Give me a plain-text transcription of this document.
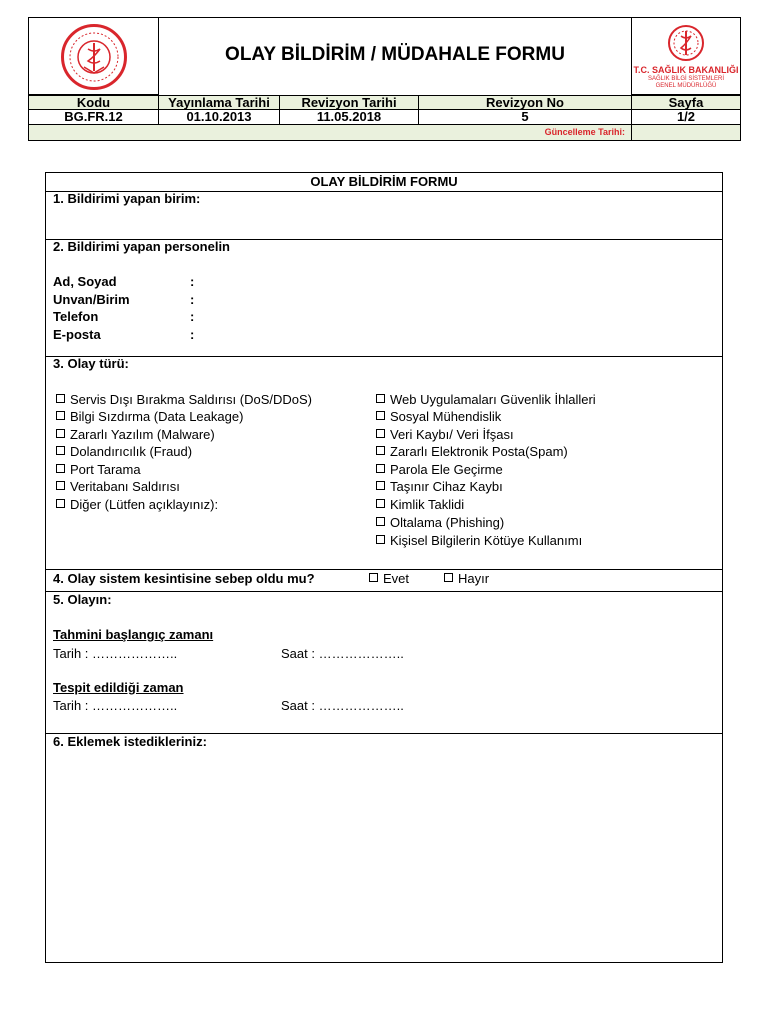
OLAY BİLDİRİM / MÜDAHALE FORMU
T.C. SAĞLIK BAKANLIĞI
SAĞLIK BİLGİ SİSTEMLERİ
GENEL MÜDÜRLÜĞÜ
Kodu	Yayınlama Tarihi	Revizyon Tarihi	Revizyon No	Sayfa
BG.FR.12	01.10.2013	11.05.2018	5	1/2
Güncelleme Tarihi:
OLAY BİLDİRİM FORMU
1. Bildirimi yapan birim:
2. Bildirimi yapan personelin
Ad, Soyad	:
Unvan/Birim	:
Telefon	:
E-posta	:
3. Olay türü:
Servis Dışı Bırakma Saldırısı (DoS/DDoS)
Bilgi Sızdırma (Data Leakage)
Zararlı Yazılım (Malware)
Dolandırıcılık (Fraud)
Port Tarama
Veritabanı Saldırısı
Diğer (Lütfen açıklayınız):
Web Uygulamaları Güvenlik İhlalleri
Sosyal Mühendislik
Veri Kaybı/ Veri İfşası
Zararlı Elektronik Posta(Spam)
Parola Ele Geçirme
Taşınır Cihaz Kaybı
Kimlik Taklidi
Oltalama (Phishing)
Kişisel Bilgilerin Kötüye Kullanımı
4. Olay sistem kesintisine sebep oldu mu?	Evet	Hayır
5. Olayın:
Tahmini başlangıç zamanı
Tarih : ………………..	Saat : ………………..
Tespit edildiği zaman
Tarih : ………………..	Saat : ………………..
6. Eklemek istedikleriniz:
